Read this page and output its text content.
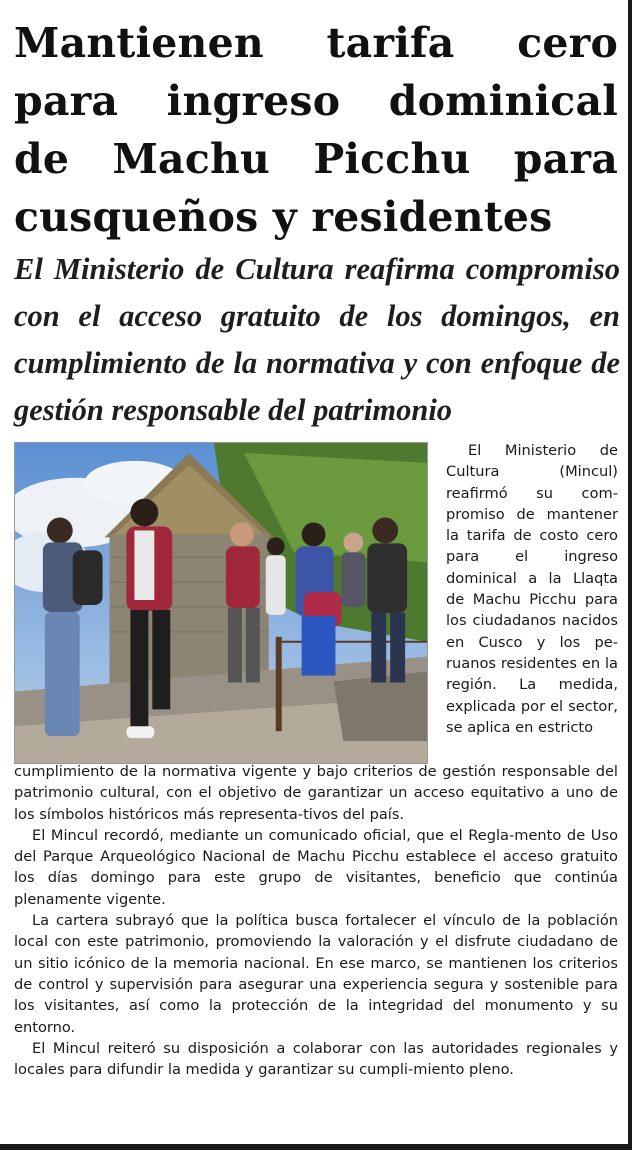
Mantienen tarifa cero para ingreso dominical de Machu Picchu para cusqueños y residentes
El Ministerio de Cultura reafirma compromiso con el acceso gratuito de los domingos, en cumplimiento de la normativa y con enfoque de gestión responsable del patrimonio

El Ministerio de Cultura (Mincul) reafirmó su compromiso de mantener la tarifa de costo cero para el ingreso dominical a la Llaqta de Machu Picchu para los ciudadanos nacidos en Cusco y los peruanos residentes en la región. La medida, explicada por el sector, se aplica en estricto

cumplimiento de la normativa vigente y bajo criterios de gestión responsable del patrimonio cultural, con el objetivo de garantizar un acceso equitativo a uno de los símbolos históricos más representa-tivos del país.

El Mincul recordó, mediante un comunicado oficial, que el Regla-mento de Uso del Parque Arqueológico Nacional de Machu Picchu establece el acceso gratuito los días domingo para este grupo de visitantes, beneficio que continúa plenamente vigente.

La cartera subrayó que la política busca fortalecer el vínculo de la población local con este patrimonio, promoviendo la valoración y el disfrute ciudadano de un sitio icónico de la memoria nacional. En ese marco, se mantienen los criterios de control y supervisión para asegurar una experiencia segura y sostenible para los visitantes, así como la protección de la integridad del monumento y su entorno.

El Mincul reiteró su disposición a colaborar con las autoridades regionales y locales para difundir la medida y garantizar su cumpli-miento pleno.
